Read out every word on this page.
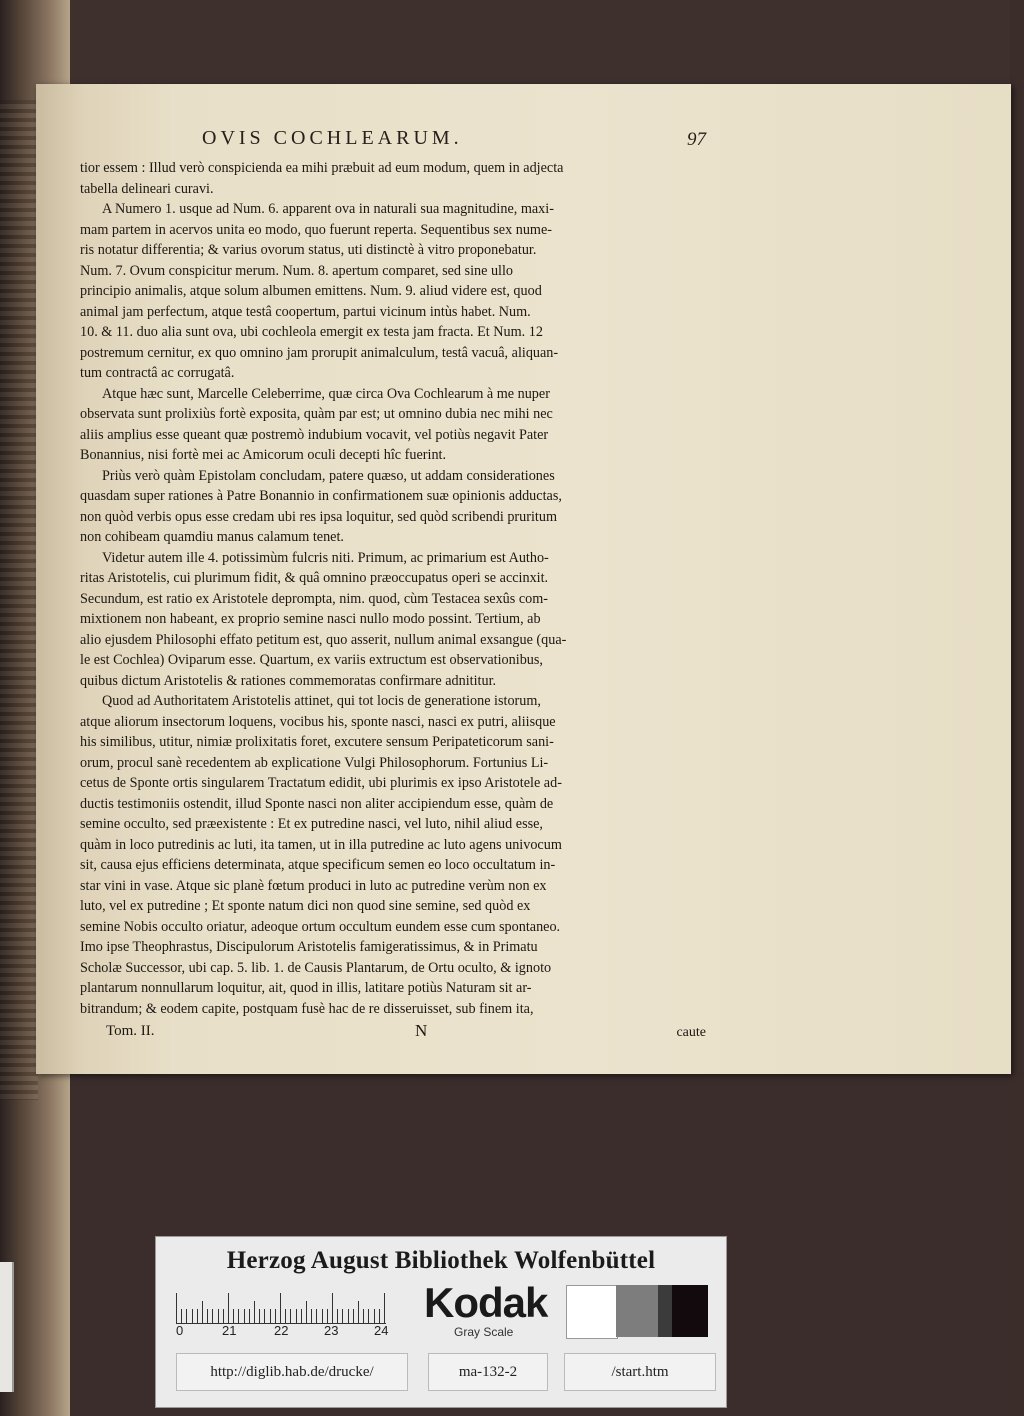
OVIS COCHLEARUM.	97

tior essem : Illud verò conspicienda ea mihi præbuit ad eum modum, quem in adjecta
tabella delineari curavi.

A Numero 1. usque ad Num. 6. apparent ova in naturali sua magnitudine, maxi-
mam partem in acervos unita eo modo, quo fuerunt reperta. Sequentibus sex nume-
ris notatur differentia; & varius ovorum status, uti distinctè à vitro proponebatur.
Num. 7. Ovum conspicitur merum. Num. 8. apertum comparet, sed sine ullo
principio animalis, atque solum albumen emittens. Num. 9. aliud videre est, quod
animal jam perfectum, atque testâ coopertum, partui vicinum intùs habet. Num.
10. & 11. duo alia sunt ova, ubi cochleola emergit ex testa jam fracta. Et Num. 12
postremum cernitur, ex quo omnino jam prorupit animalculum, testâ vacuâ, aliquan-
tum contractâ ac corrugatâ.

Atque hæc sunt, Marcelle Celeberrime, quæ circa Ova Cochlearum à me nuper
observata sunt prolixiùs fortè exposita, quàm par est; ut omnino dubia nec mihi nec
aliis amplius esse queant quæ postremò indubium vocavit, vel potiùs negavit Pater
Bonannius, nisi fortè mei ac Amicorum oculi decepti hîc fuerint.

Priùs verò quàm Epistolam concludam, patere quæso, ut addam considerationes
quasdam super rationes à Patre Bonannio in confirmationem suæ opinionis adductas,
non quòd verbis opus esse credam ubi res ipsa loquitur, sed quòd scribendi pruritum
non cohibeam quamdiu manus calamum tenet.

Videtur autem ille 4. potissimùm fulcris niti. Primum, ac primarium est Autho-
ritas Aristotelis, cui plurimum fidit, & quâ omnino præoccupatus operi se accinxit.
Secundum, est ratio ex Aristotele deprompta, nim. quod, cùm Testacea sexûs com-
mixtionem non habeant, ex proprio semine nasci nullo modo possint. Tertium, ab
alio ejusdem Philosophi effato petitum est, quo asserit, nullum animal exsangue (qua-
le est Cochlea) Oviparum esse. Quartum, ex variis extructum est observationibus,
quibus dictum Aristotelis & rationes commemoratas confirmare adnititur.

Quod ad Authoritatem Aristotelis attinet, qui tot locis de generatione istorum,
atque aliorum insectorum loquens, vocibus his, sponte nasci, nasci ex putri, aliisque
his similibus, utitur, nimiæ prolixitatis foret, excutere sensum Peripateticorum sani-
orum, procul sanè recedentem ab explicatione Vulgi Philosophorum. Fortunius Li-
cetus de Sponte ortis singularem Tractatum edidit, ubi plurimis ex ipso Aristotele ad-
ductis testimoniis ostendit, illud Sponte nasci non aliter accipiendum esse, quàm de
semine occulto, sed præexistente : Et ex putredine nasci, vel luto, nihil aliud esse,
quàm in loco putredinis ac luti, ita tamen, ut in illa putredine ac luto agens univocum
sit, causa ejus efficiens determinata, atque specificum semen eo loco occultatum in-
star vini in vase. Atque sic planè fœtum produci in luto ac putredine verùm non ex
luto, vel ex putredine ; Et sponte natum dici non quod sine semine, sed quòd ex
semine Nobis occulto oriatur, adeoque ortum occultum eundem esse cum spontaneo.
Imo ipse Theophrastus, Discipulorum Aristotelis famigeratissimus, & in Primatu
Scholæ Successor, ubi cap. 5. lib. 1. de Causis Plantarum, de Ortu oculto, & ignoto
plantarum nonnullarum loquitur, ait, quod in illis, latitare potiùs Naturam sit ar-
bitrandum; & eodem capite, postquam fusè hac de re disseruisset, sub finem ita,

Tom. II.	N	caute
Herzog August Bibliothek Wolfenbüttel
0	21	22	23	24
Kodak
Gray Scale
http://diglib.hab.de/drucke/	ma-132-2	/start.htm
